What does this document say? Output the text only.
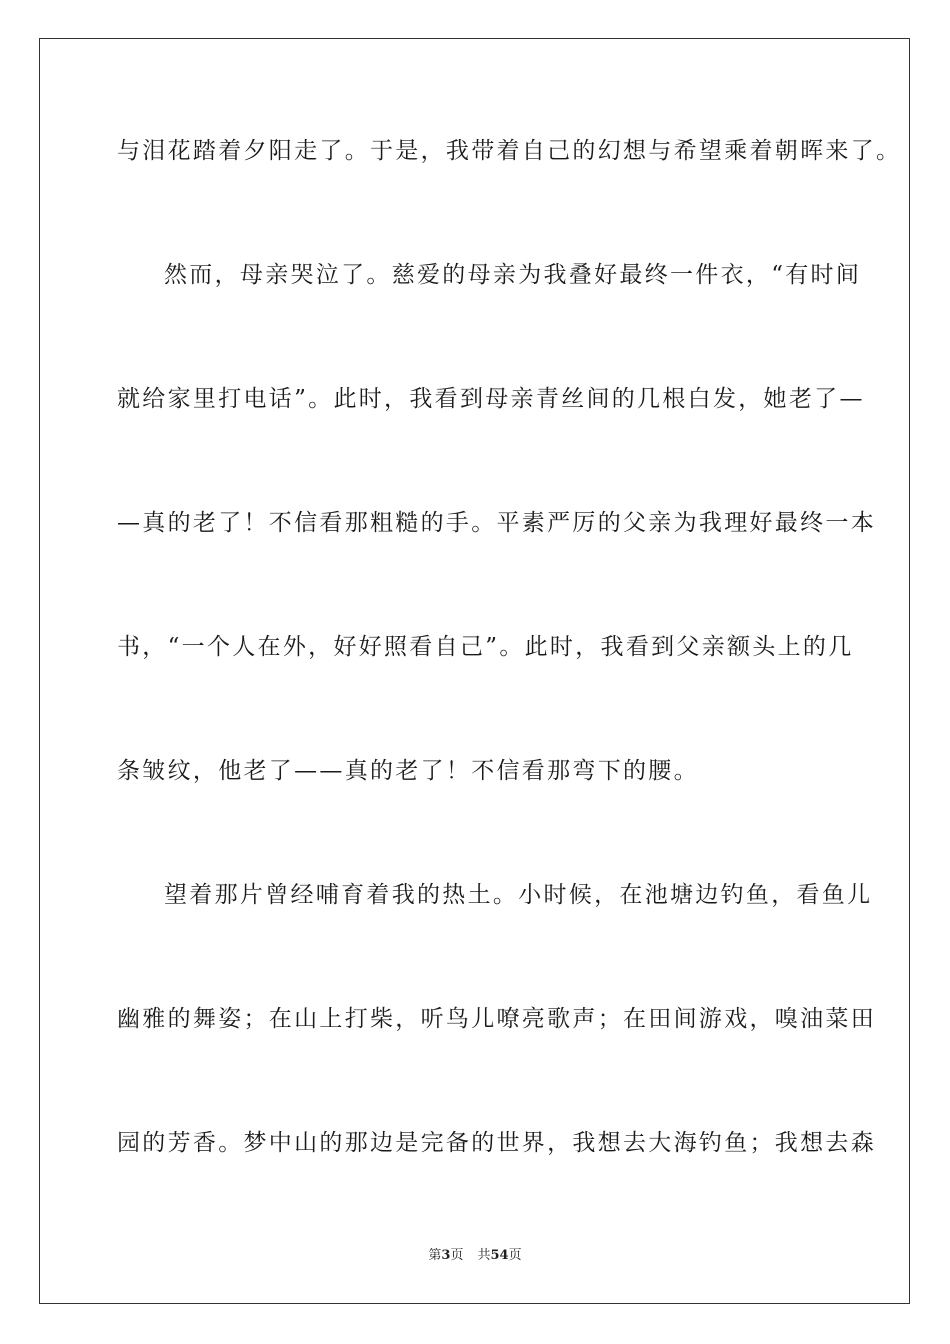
与泪花踏着夕阳走了。于是，我带着自己的幻想与希望乘着朝晖来了。
然而，母亲哭泣了。慈爱的母亲为我叠好最终一件衣，“有时间
就给家里打电话”。此时，我看到母亲青丝间的几根白发，她老了—
—真的老了！不信看那粗糙的手。平素严厉的父亲为我理好最终一本
书，“一个人在外，好好照看自己”。此时，我看到父亲额头上的几
条皱纹，他老了——真的老了！不信看那弯下的腰。
望着那片曾经哺育着我的热土。小时候，在池塘边钓鱼，看鱼儿
幽雅的舞姿；在山上打柴，听鸟儿嘹亮歌声；在田间游戏，嗅油菜田
园的芳香。梦中山的那边是完备的世界，我想去大海钓鱼；我想去森
第3页 共54页
